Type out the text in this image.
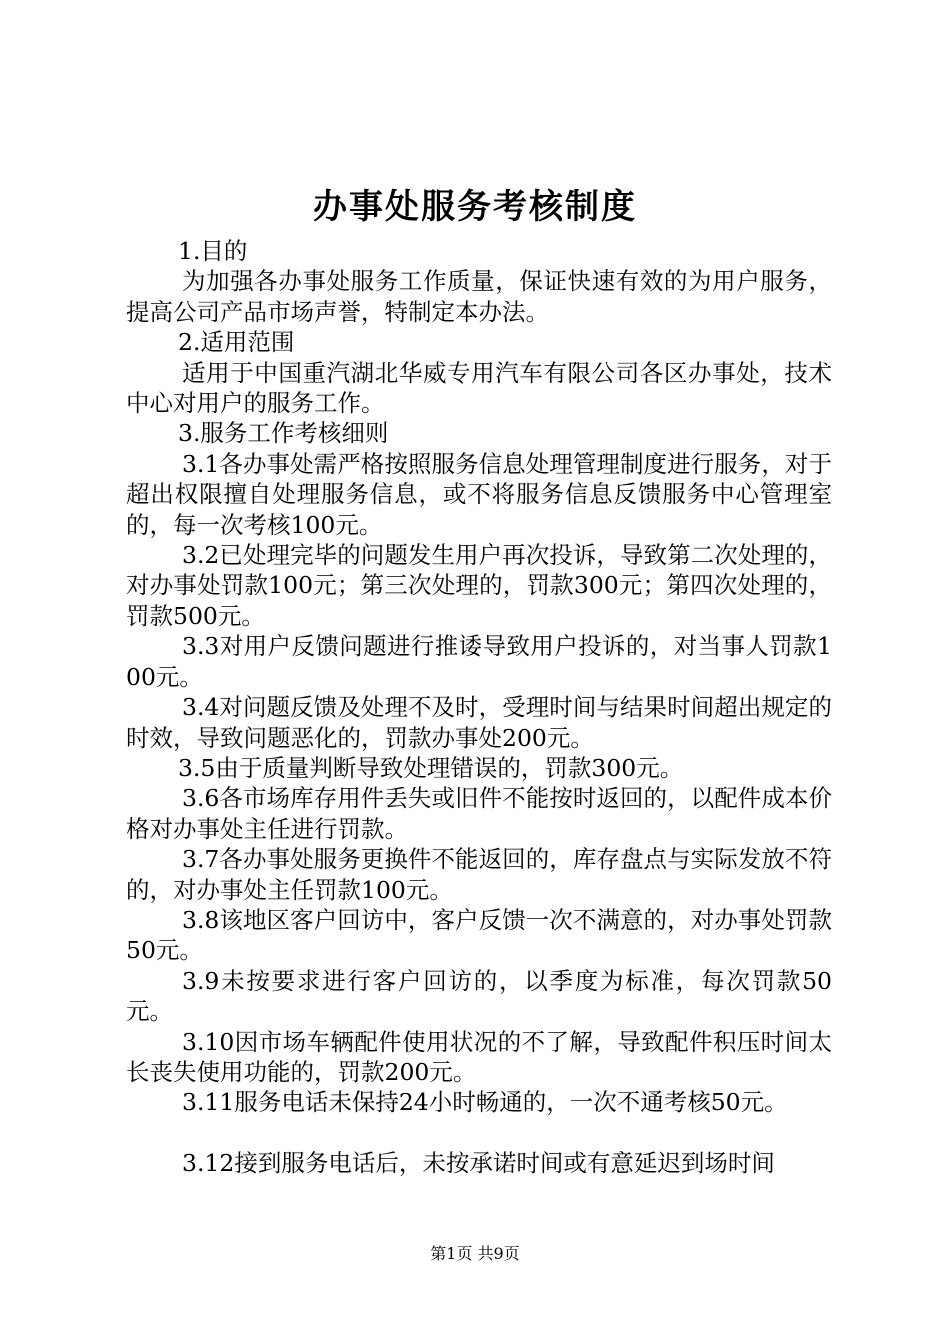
办事处服务考核制度

1.目的

为加强各办事处服务工作质量，保证快速有效的为用户服务，提高公司产品市场声誉，特制定本办法。

2.适用范围

适用于中国重汽湖北华威专用汽车有限公司各区办事处，技术中心对用户的服务工作。

3.服务工作考核细则

3.1各办事处需严格按照服务信息处理管理制度进行服务，对于超出权限擅自处理服务信息，或不将服务信息反馈服务中心管理室的，每一次考核100元。

3.2已处理完毕的问题发生用户再次投诉，导致第二次处理的，对办事处罚款100元；第三次处理的，罚款300元；第四次处理的，罚款500元。

3.3对用户反馈问题进行推诿导致用户投诉的，对当事人罚款100元。

3.4对问题反馈及处理不及时，受理时间与结果时间超出规定的时效，导致问题恶化的，罚款办事处200元。

3.5由于质量判断导致处理错误的，罚款300元。

3.6各市场库存用件丢失或旧件不能按时返回的，以配件成本价格对办事处主任进行罚款。

3.7各办事处服务更换件不能返回的，库存盘点与实际发放不符的，对办事处主任罚款100元。

3.8该地区客户回访中，客户反馈一次不满意的，对办事处罚款50元。

3.9未按要求进行客户回访的，以季度为标准，每次罚款50元。

3.10因市场车辆配件使用状况的不了解，导致配件积压时间太长丧失使用功能的，罚款200元。

3.11服务电话未保持24小时畅通的，一次不通考核50元。

3.12接到服务电话后，未按承诺时间或有意延迟到场时间

第1页 共9页
